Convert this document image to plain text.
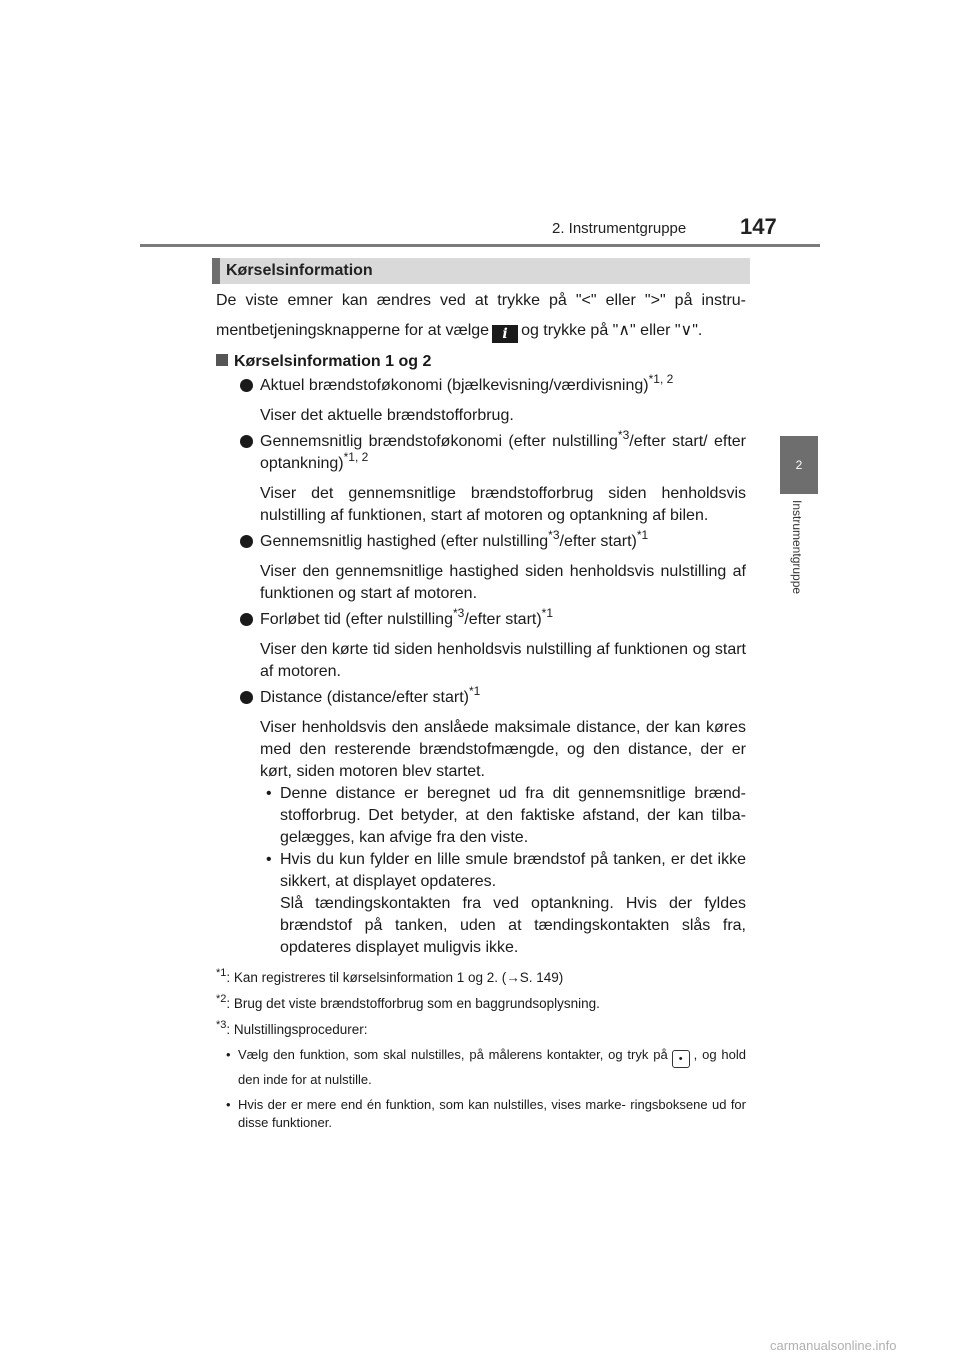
2. Instrumentgruppe 147
2
Instrumentgruppe
Kørselsinformation

De viste emner kan ændres ved at trykke på "<" eller ">" på instru-

mentbetjeningsknapperne for at vælge i og trykke på "∧" eller "∨".

Kørselsinformation 1 og 2
Aktuel brændstoføkonomi (bjælkevisning/værdivisning)$^{*1, 2}$
Viser det aktuelle brændstofforbrug.
Gennemsnitlig brændstoføkonomi (efter nulstilling$^{*3}$/efter start/ efter optankning)$^{*1, 2}$
Viser det gennemsnitlige brændstofforbrug siden henholdsvis nulstilling af funktionen, start af motoren og optankning af bilen.
Gennemsnitlig hastighed (efter nulstilling$^{*3}$/efter start)$^{*1}$
Viser den gennemsnitlige hastighed siden henholdsvis nulstilling af funktionen og start af motoren.
Forløbet tid (efter nulstilling$^{*3}$/efter start)$^{*1}$
Viser den kørte tid siden henholdsvis nulstilling af funktionen og start af motoren.
Distance (distance/efter start)$^{*1}$
Viser henholdsvis den anslåede maksimale distance, der kan køres med den resterende brændstofmængde, og den distance, der er kørt, siden motoren blev startet.
• Denne distance er beregnet ud fra dit gennemsnitlige brænd- stofforbrug. Det betyder, at den faktiske afstand, der kan tilba- gelægges, kan afvige fra den viste.
• Hvis du kun fylder en lille smule brændstof på tanken, er det ikke sikkert, at displayet opdateres.
Slå tændingskontakten fra ved optankning. Hvis der fyldes brændstof på tanken, uden at tændingskontakten slås fra, opdateres displayet muligvis ikke.
$^{*1}$: Kan registreres til kørselsinformation 1 og 2. (→S. 149)
$^{*2}$: Brug det viste brændstofforbrug som en baggrundsoplysning.
$^{*3}$: Nulstillingsprocedurer:
• Vælg den funktion, som skal nulstilles, på målerens kontakter, og tryk på • , og hold den inde for at nulstille.
• Hvis der er mere end én funktion, som kan nulstilles, vises marke- ringsboksene ud for disse funktioner.
carmanualsonline.info
